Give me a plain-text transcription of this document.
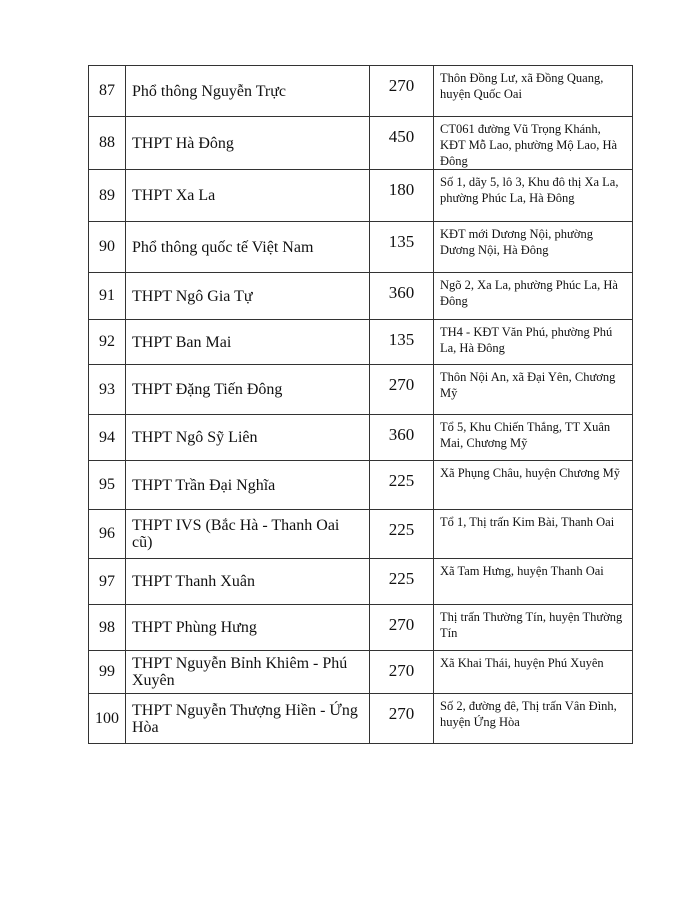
87	Phổ thông Nguyễn Trực	270	Thôn Đồng Lư, xã Đồng Quang, huyện Quốc Oai
88	THPT Hà Đông	450	CT061 đường Vũ Trọng Khánh, KĐT Mỗ Lao, phường Mộ Lao, Hà Đông
89	THPT Xa La	180	Số 1, dãy 5, lô 3, Khu đô thị Xa La, phường Phúc La, Hà Đông
90	Phổ thông quốc tế Việt Nam	135	KĐT mới Dương Nội, phường Dương Nội, Hà Đông
91	THPT Ngô Gia Tự	360	Ngõ 2, Xa La, phường Phúc La, Hà Đông
92	THPT Ban Mai	135	TH4 - KĐT Văn Phú, phường Phú La, Hà Đông
93	THPT Đặng Tiến Đông	270	Thôn Nội An, xã Đại Yên, Chương Mỹ
94	THPT Ngô Sỹ Liên	360	Tổ 5, Khu Chiến Thắng, TT Xuân Mai, Chương Mỹ
95	THPT Trần Đại Nghĩa	225	Xã Phụng Châu, huyện Chương Mỹ
96	THPT IVS (Bắc Hà - Thanh Oai cũ)	225	Tổ 1, Thị trấn Kim Bài, Thanh Oai
97	THPT Thanh Xuân	225	Xã Tam Hưng, huyện Thanh Oai
98	THPT Phùng Hưng	270	Thị trấn Thường Tín, huyện Thường Tín
99	THPT Nguyễn Bỉnh Khiêm - Phú Xuyên	270	Xã Khai Thái, huyện Phú Xuyên
100	THPT Nguyễn Thượng Hiền - Ứng Hòa	270	Số 2, đường đê, Thị trấn Vân Đình, huyện Ứng Hòa
